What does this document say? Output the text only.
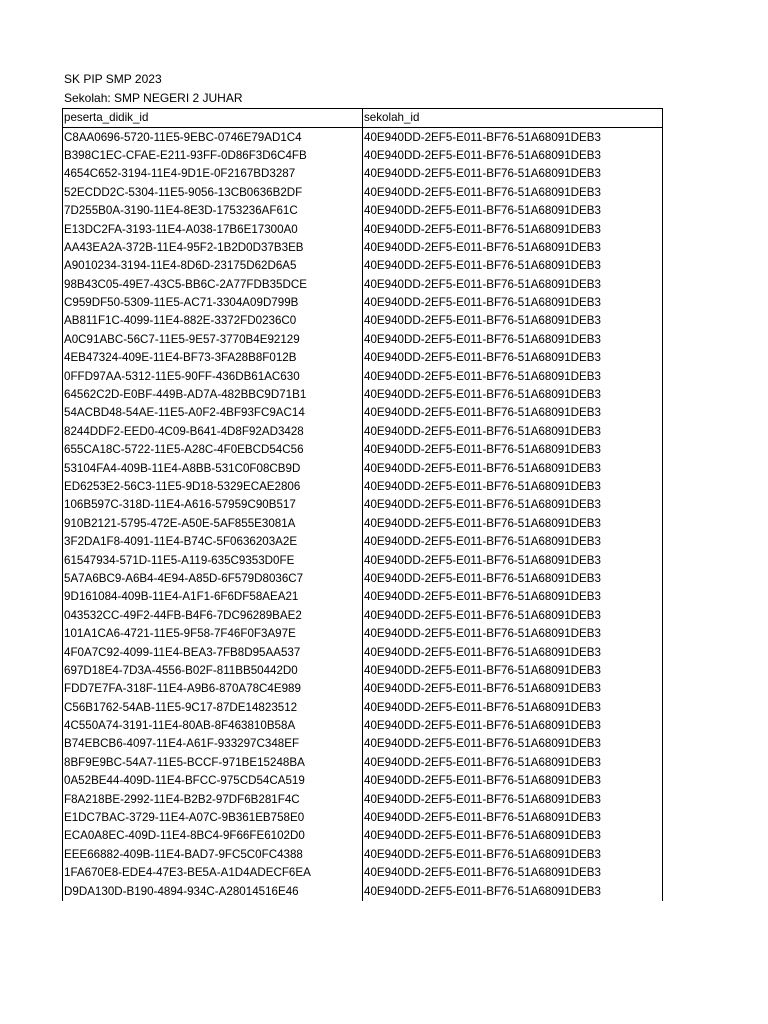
SK PIP SMP 2023
Sekolah: SMP NEGERI 2 JUHAR
peserta_didik_id	sekolah_id
C8AA0696-5720-11E5-9EBC-0746E79AD1C4	40E940DD-2EF5-E011-BF76-51A68091DEB3
B398C1EC-CFAE-E211-93FF-0D86F3D6C4FB	40E940DD-2EF5-E011-BF76-51A68091DEB3
4654C652-3194-11E4-9D1E-0F2167BD3287	40E940DD-2EF5-E011-BF76-51A68091DEB3
52ECDD2C-5304-11E5-9056-13CB0636B2DF	40E940DD-2EF5-E011-BF76-51A68091DEB3
7D255B0A-3190-11E4-8E3D-1753236AF61C	40E940DD-2EF5-E011-BF76-51A68091DEB3
E13DC2FA-3193-11E4-A038-17B6E17300A0	40E940DD-2EF5-E011-BF76-51A68091DEB3
AA43EA2A-372B-11E4-95F2-1B2D0D37B3EB	40E940DD-2EF5-E011-BF76-51A68091DEB3
A9010234-3194-11E4-8D6D-23175D62D6A5	40E940DD-2EF5-E011-BF76-51A68091DEB3
98B43C05-49E7-43C5-BB6C-2A77FDB35DCE	40E940DD-2EF5-E011-BF76-51A68091DEB3
C959DF50-5309-11E5-AC71-3304A09D799B	40E940DD-2EF5-E011-BF76-51A68091DEB3
AB811F1C-4099-11E4-882E-3372FD0236C0	40E940DD-2EF5-E011-BF76-51A68091DEB3
A0C91ABC-56C7-11E5-9E57-3770B4E92129	40E940DD-2EF5-E011-BF76-51A68091DEB3
4EB47324-409E-11E4-BF73-3FA28B8F012B	40E940DD-2EF5-E011-BF76-51A68091DEB3
0FFD97AA-5312-11E5-90FF-436DB61AC630	40E940DD-2EF5-E011-BF76-51A68091DEB3
64562C2D-E0BF-449B-AD7A-482BBC9D71B1	40E940DD-2EF5-E011-BF76-51A68091DEB3
54ACBD48-54AE-11E5-A0F2-4BF93FC9AC14	40E940DD-2EF5-E011-BF76-51A68091DEB3
8244DDF2-EED0-4C09-B641-4D8F92AD3428	40E940DD-2EF5-E011-BF76-51A68091DEB3
655CA18C-5722-11E5-A28C-4F0EBCD54C56	40E940DD-2EF5-E011-BF76-51A68091DEB3
53104FA4-409B-11E4-A8BB-531C0F08CB9D	40E940DD-2EF5-E011-BF76-51A68091DEB3
ED6253E2-56C3-11E5-9D18-5329ECAE2806	40E940DD-2EF5-E011-BF76-51A68091DEB3
106B597C-318D-11E4-A616-57959C90B517	40E940DD-2EF5-E011-BF76-51A68091DEB3
910B2121-5795-472E-A50E-5AF855E3081A	40E940DD-2EF5-E011-BF76-51A68091DEB3
3F2DA1F8-4091-11E4-B74C-5F0636203A2E	40E940DD-2EF5-E011-BF76-51A68091DEB3
61547934-571D-11E5-A119-635C9353D0FE	40E940DD-2EF5-E011-BF76-51A68091DEB3
5A7A6BC9-A6B4-4E94-A85D-6F579D8036C7	40E940DD-2EF5-E011-BF76-51A68091DEB3
9D161084-409B-11E4-A1F1-6F6DF58AEA21	40E940DD-2EF5-E011-BF76-51A68091DEB3
043532CC-49F2-44FB-B4F6-7DC96289BAE2	40E940DD-2EF5-E011-BF76-51A68091DEB3
101A1CA6-4721-11E5-9F58-7F46F0F3A97E	40E940DD-2EF5-E011-BF76-51A68091DEB3
4F0A7C92-4099-11E4-BEA3-7FB8D95AA537	40E940DD-2EF5-E011-BF76-51A68091DEB3
697D18E4-7D3A-4556-B02F-811BB50442D0	40E940DD-2EF5-E011-BF76-51A68091DEB3
FDD7E7FA-318F-11E4-A9B6-870A78C4E989	40E940DD-2EF5-E011-BF76-51A68091DEB3
C56B1762-54AB-11E5-9C17-87DE14823512	40E940DD-2EF5-E011-BF76-51A68091DEB3
4C550A74-3191-11E4-80AB-8F463810B58A	40E940DD-2EF5-E011-BF76-51A68091DEB3
B74EBCB6-4097-11E4-A61F-933297C348EF	40E940DD-2EF5-E011-BF76-51A68091DEB3
8BF9E9BC-54A7-11E5-BCCF-971BE15248BA	40E940DD-2EF5-E011-BF76-51A68091DEB3
0A52BE44-409D-11E4-BFCC-975CD54CA519	40E940DD-2EF5-E011-BF76-51A68091DEB3
F8A218BE-2992-11E4-B2B2-97DF6B281F4C	40E940DD-2EF5-E011-BF76-51A68091DEB3
E1DC7BAC-3729-11E4-A07C-9B361EB758E0	40E940DD-2EF5-E011-BF76-51A68091DEB3
ECA0A8EC-409D-11E4-8BC4-9F66FE6102D0	40E940DD-2EF5-E011-BF76-51A68091DEB3
EEE66882-409B-11E4-BAD7-9FC5C0FC4388	40E940DD-2EF5-E011-BF76-51A68091DEB3
1FA670E8-EDE4-47E3-BE5A-A1D4ADECF6EA	40E940DD-2EF5-E011-BF76-51A68091DEB3
D9DA130D-B190-4894-934C-A28014516E46	40E940DD-2EF5-E011-BF76-51A68091DEB3
